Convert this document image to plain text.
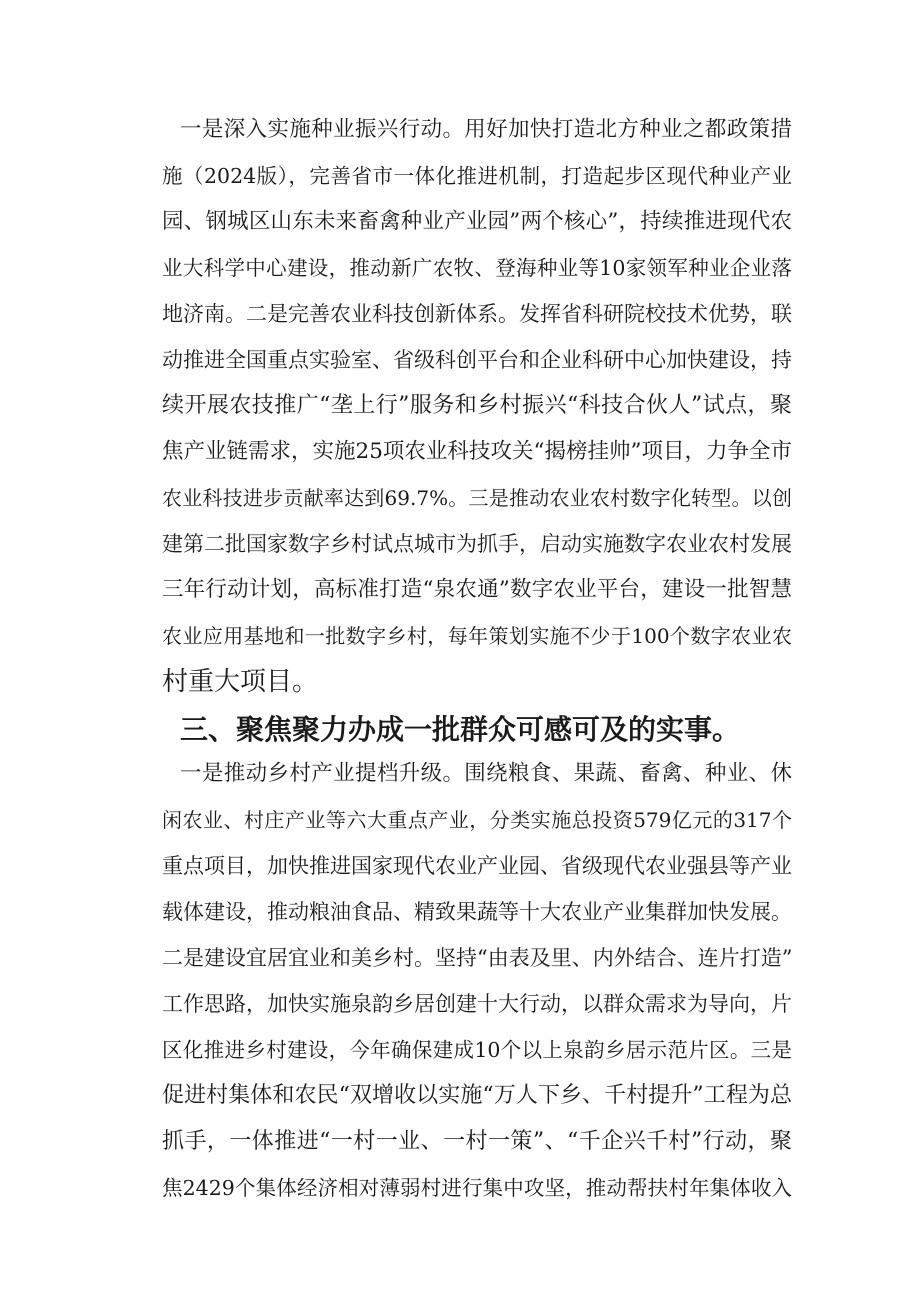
一是深入实施种业振兴行动。用好加快打造北方种业之都政策措
施（2024版），完善省市一体化推进机制，打造起步区现代种业产业
园、钢城区山东未来畜禽种业产业园”两个核心”，持续推进现代农
业大科学中心建设，推动新广农牧、登海种业等10家领军种业企业落
地济南。二是完善农业科技创新体系。发挥省科研院校技术优势，联
动推进全国重点实验室、省级科创平台和企业科研中心加快建设，持
续开展农技推广“垄上行”服务和乡村振兴“科技合伙人”试点，聚
焦产业链需求，实施25项农业科技攻关“揭榜挂帅”项目，力争全市
农业科技进步贡献率达到69.7%。三是推动农业农村数字化转型。以创
建第二批国家数字乡村试点城市为抓手，启动实施数字农业农村发展
三年行动计划，高标准打造“泉农通”数字农业平台，建设一批智慧
农业应用基地和一批数字乡村，每年策划实施不少于100个数字农业农
村重大项目。
三、聚焦聚力办成一批群众可感可及的实事。
一是推动乡村产业提档升级。围绕粮食、果蔬、畜禽、种业、休
闲农业、村庄产业等六大重点产业，分类实施总投资579亿元的317个
重点项目，加快推进国家现代农业产业园、省级现代农业强县等产业
载体建设，推动粮油食品、精致果蔬等十大农业产业集群加快发展。
二是建设宜居宜业和美乡村。坚持“由表及里、内外结合、连片打造”
工作思路，加快实施泉韵乡居创建十大行动，以群众需求为导向，片
区化推进乡村建设，今年确保建成10个以上泉韵乡居示范片区。三是
促进村集体和农民“双增收以实施“万人下乡、千村提升”工程为总
抓手，一体推进“一村一业、一村一策”、“千企兴千村”行动，聚
焦2429个集体经济相对薄弱村进行集中攻坚，推动帮扶村年集体收入
